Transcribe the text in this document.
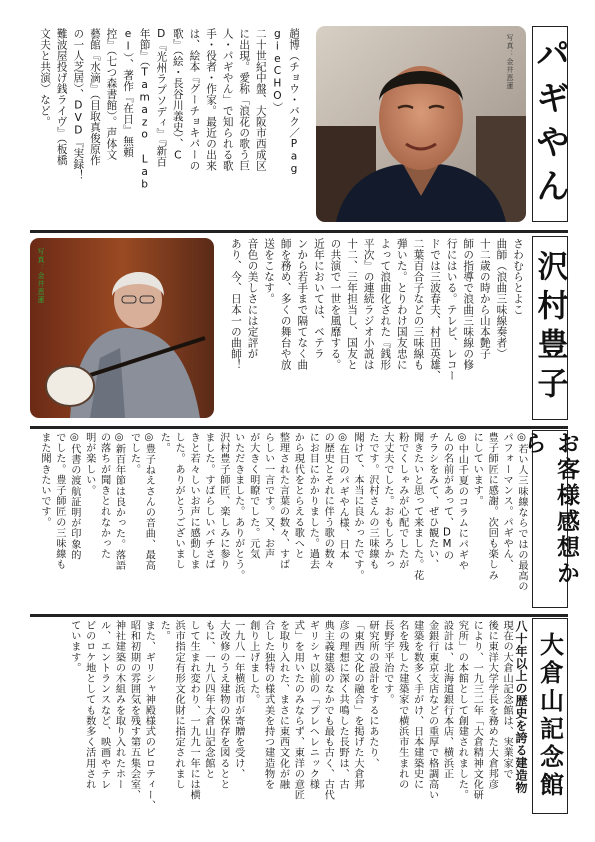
趙博（チョウ・バク／Pag

gieCHO）

二十世紀中盤、大阪市西成区

に出現。愛称「浪花の歌う巨

人・パギやん」で知られる歌

手・役者・作家。最近の出来

は、絵本『グーチョキパーの

歌』（絵・長谷川義史）、C

D『光州ラプソディ』『新百

年節』（Tamazo Lab

el）、著作『在日』無頼

控』（七つ森書館）。声体文

藝館『水滴』（目取真俊原作

の一人芝居）、DVD『実録！

難波屋投げ銭ライヴ』（板橋

文夫と共演）など。	写真：金井恵蓮 パギやん
写真：金井恵蓮	さわむらとよこ

曲師（浪曲三味線奏者）

十二歳の時から山本艶子

師の指導で浪曲三味線の修

行にはいる。テレビ、レコー

ドでは三波春夫、村田英雄、

二葉百合子などの三味線も

弾いた。とりわけ国友忠に

よって浪曲化された『銭形

平次』の連続ラジオ小説は

十二、三年担当し、国友と

の共演で一世を風靡する。

近年においては、ベテラ

ンから若手まで隔てなく曲

師を務め、多くの舞台や放

送をこなす。

音色の美しさには定評が

あり、今、日本一の曲師！	沢村豊子

◎若い人三味線ならではの最高の

パフォーマンス。パギやん、

豊子師匠に感謝。次回も楽しみ

にしています。

◎中山千夏のコラムにパギや

んの名前があって、DMの

チラシをみて、ぜひ観たい、

聞きたいと思って来ました。花

粉でくしゃみが心配でしたが

大丈夫でした。おもしろかっ

たです。沢村さんの三味線も

聞けて、本当に良かったです。

◎在日のパギやん様、日本

の歴史とそれに伴う歌の数々

にお目にかかりました。過去

から現代をとらえる歌へと

整理された言葉の数々、すば

らしい一言です。又、お声

が大きく明瞭でした。元気

いただきました。ありがとう。

沢村豊子師匠、楽しみに参り

ました。すばらしいバチさば

きと若々しいお声に感動しま

した。ありがとうございまし

た。

◎豊子ねえさんの音曲、最高

でした。

◎新百年節は良かった。落語

の落ちが聞きとれなかった

明が楽しい。

◎代書の渡航証明が印象的

でした。豊子師匠の三味線も

また聞きたいです。	お客様感想から

八十年以上の歴史を誇る建造物

現在の大倉山記念館は、実業家で

後に東洋大学学長を務めた大倉邦彦

により、一九三二年「大倉精神文化研

究所」の本館として創建されました。

設計は、北海道銀行本店、横浜正

金銀行東京支店などの重厚で格調高い

建築を数多く手がけ、日本建築史に

名を残した建築家で横浜市生まれの

長野宇平治です。

研究所の設計をするにあたり、

「東西文化の融合」を掲げた大倉邦

彦の理想に深く共鳴した長野は、古

典主義建築のなかでも最も古く、古代

ギリシャ以前の「プレヘレニック様

式」を用いたのみならず、東洋の意匠

を取り入れた、まさに東西文化が融

合した独特の様式美を持つ建造物を

創り上げました。

一九八一年横浜市が寄贈を受け、

大改修のうえ建物の保存を図るとと

もに、一九八四年大倉山記念館と

して生まれ変わり、一九九一年には横

浜市指定有形文化財に指定されまし

た。

また、ギリシャ神殿様式のピロティー、

昭和初期の雰囲気を残す第五集会室、

神社建築の木組みを取り入れたホー

ル、エントランスなど、映画やテレ

ビのロケ地としても数多く活用され

ています。	大倉山記念館
